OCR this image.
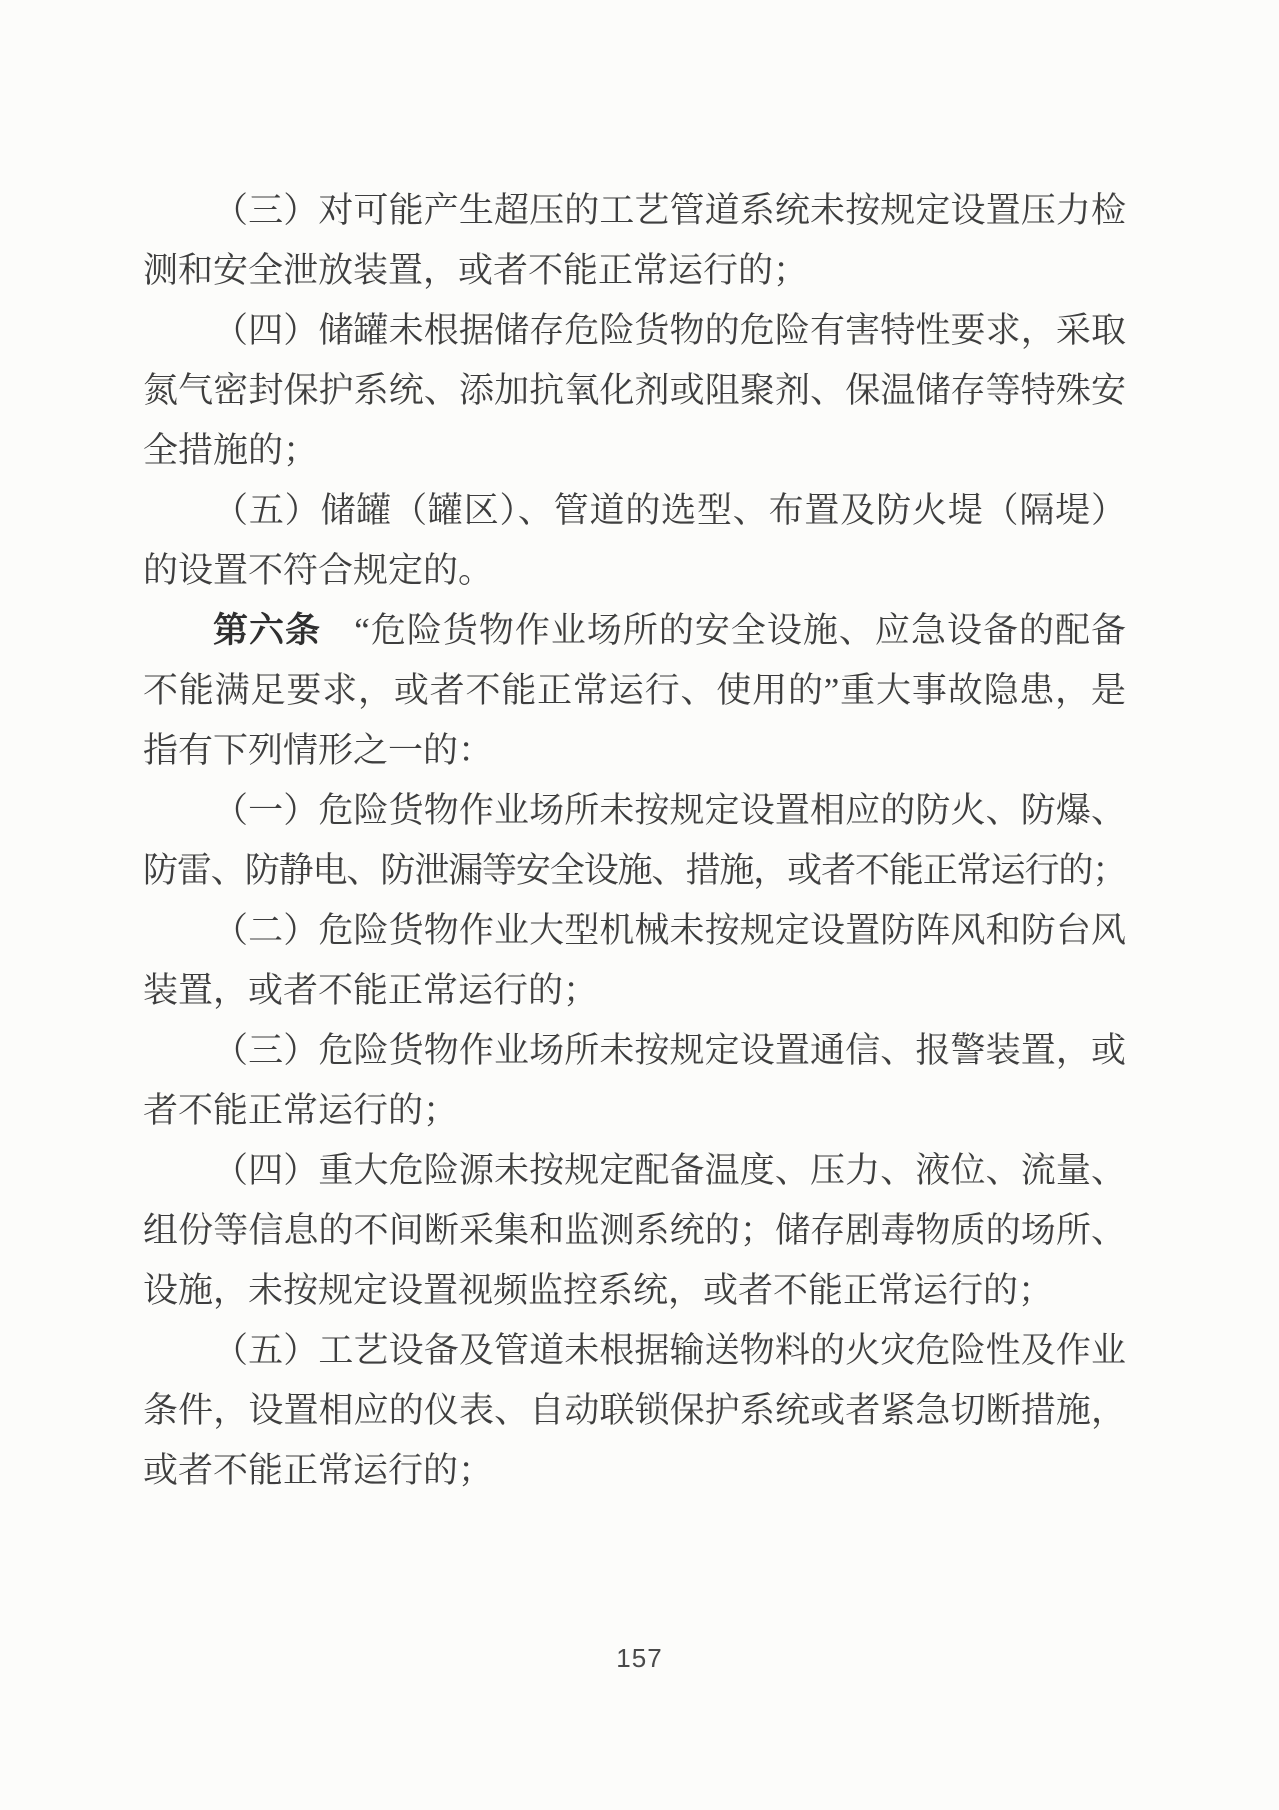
（三）对可能产生超压的工艺管道系统未按规定设置压力检
测和安全泄放装置，或者不能正常运行的；
（四）储罐未根据储存危险货物的危险有害特性要求，采取
氮气密封保护系统、添加抗氧化剂或阻聚剂、保温储存等特殊安
全措施的；
（五）储罐（罐区）、管道的选型、布置及防火堤（隔堤）
的设置不符合规定的。
第六条 “危险货物作业场所的安全设施、应急设备的配备
不能满足要求，或者不能正常运行、使用的”重大事故隐患，是
指有下列情形之一的：
（一）危险货物作业场所未按规定设置相应的防火、防爆、
防雷、防静电、防泄漏等安全设施、措施，或者不能正常运行的；
（二）危险货物作业大型机械未按规定设置防阵风和防台风
装置，或者不能正常运行的；
（三）危险货物作业场所未按规定设置通信、报警装置，或
者不能正常运行的；
（四）重大危险源未按规定配备温度、压力、液位、流量、
组份等信息的不间断采集和监测系统的；储存剧毒物质的场所、
设施，未按规定设置视频监控系统，或者不能正常运行的；
（五）工艺设备及管道未根据输送物料的火灾危险性及作业
条件，设置相应的仪表、自动联锁保护系统或者紧急切断措施，
或者不能正常运行的；
157
